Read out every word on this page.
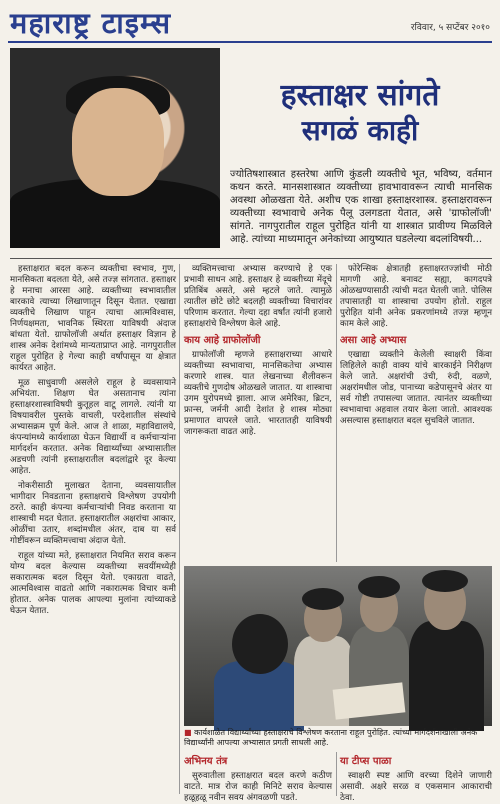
महाराष्ट्र टाइम्स	रविवार, ५ सप्टेंबर २०१०
हस्ताक्षर सांगते
सगळं काही
ज्योतिषशास्त्रात हस्तरेषा आणि कुंडली व्यक्तीचे भूत, भविष्य, वर्तमान कथन करते. मानसशास्त्रात व्यक्तीच्या हावभावावरून त्याची मानसिक अवस्था ओळखता येते. अशीच एक शाखा हस्ताक्षरशास्त्र. हस्ताक्षरावरून व्यक्तीच्या स्वभावाचे अनेक पैलू उलगडता येतात, असे 'ग्राफोलॉजी' सांगते. नागपुरातील राहूल पुरोहित यांनी या शास्त्रात प्रावीण्य मिळविले आहे. त्यांच्या माध्यमातून अनेकांच्या आयुष्यात घडलेल्या बदलांविषयी...

हस्ताक्षरात बदल करून व्यक्तीचा स्वभाव, गुण, मानसिकता बदलता येते, असे तज्ज्ञ सांगतात. हस्ताक्षर हे मनाचा आरसा आहे. व्यक्तीच्या स्वभावातील बारकावे त्याच्या लिखाणातून दिसून येतात. एखाद्या व्यक्तीचे लिखाण पाहून त्याचा आत्मविश्वास, निर्णयक्षमता, भावनिक स्थिरता याविषयी अंदाज बांधता येतो. ग्राफोलॉजी अर्थात हस्ताक्षर विज्ञान हे शास्त्र अनेक देशांमध्ये मान्यताप्राप्त आहे. नागपुरातील राहूल पुरोहित हे गेल्या काही वर्षांपासून या क्षेत्रात कार्यरत आहेत.

मूळ साधुवाणी असलेले राहूल हे व्यवसायाने अभियंता. शिक्षण घेत असतानाच त्यांना हस्ताक्षरशास्त्राविषयी कुतूहल वाटू लागले. त्यांनी या विषयावरील पुस्तके वाचली, परदेशातील संस्थांचे अभ्यासक्रम पूर्ण केले. आज ते शाळा, महाविद्यालये, कंपन्यांमध्ये कार्यशाळा घेऊन विद्यार्थी व कर्मचाऱ्यांना मार्गदर्शन करतात. अनेक विद्यार्थ्यांच्या अभ्यासातील अडचणी त्यांनी हस्ताक्षरातील बदलांद्वारे दूर केल्या आहेत.

नोकरीसाठी मुलाखत देताना, व्यवसायातील भागीदार निवडताना हस्ताक्षराचे विश्लेषण उपयोगी ठरते. काही कंपन्या कर्मचाऱ्यांची निवड करताना या शास्त्राची मदत घेतात. हस्ताक्षरातील अक्षरांचा आकार, ओळींचा उतार, शब्दांमधील अंतर, दाब या सर्व गोष्टींवरून व्यक्तिमत्त्वाचा अंदाज येतो.

राहूल यांच्या मते, हस्ताक्षरात नियमित सराव करून योग्य बदल केल्यास व्यक्तीच्या सवयींमध्येही सकारात्मक बदल दिसून येतो. एकाग्रता वाढते, आत्मविश्वास वाढतो आणि नकारात्मक विचार कमी होतात. अनेक पालक आपल्या मुलांना त्यांच्याकडे घेऊन येतात.

व्यक्तिमत्त्वाचा अभ्यास करण्याचे हे एक प्रभावी साधन आहे. हस्ताक्षर हे व्यक्तीच्या मेंदूचे प्रतिबिंब असते, असे म्हटले जाते. त्यामुळे त्यातील छोटे छोटे बदलही व्यक्तीच्या विचारांवर परिणाम करतात. गेल्या दहा वर्षांत त्यांनी हजारो हस्ताक्षरांचे विश्लेषण केले आहे.

काय आहे ग्राफोलॉजी

ग्राफोलॉजी म्हणजे हस्ताक्षराच्या आधारे व्यक्तीच्या स्वभावाचा, मानसिकतेचा अभ्यास करणारे शास्त्र. यात लेखनाच्या शैलीवरून व्यक्तीचे गुणदोष ओळखले जातात. या शास्त्राचा उगम युरोपमध्ये झाला. आज अमेरिका, ब्रिटन, फ्रान्स, जर्मनी आदी देशांत हे शास्त्र मोठ्या प्रमाणात वापरले जाते. भारतातही याविषयी जागरूकता वाढत आहे.

फोरेन्सिक क्षेत्रातही हस्ताक्षरतज्ज्ञांची मोठी मागणी आहे. बनावट सह्या, कागदपत्रे ओळखण्यासाठी त्यांची मदत घेतली जाते. पोलिस तपासातही या शास्त्राचा उपयोग होतो. राहूल पुरोहित यांनी अनेक प्रकरणांमध्ये तज्ज्ञ म्हणून काम केले आहे.

असा आहे अभ्यास

एखाद्या व्यक्तीने केलेली स्वाक्षरी किंवा लिहिलेले काही वाक्य यांचे बारकाईने निरीक्षण केले जाते. अक्षरांची उंची, रुंदी, वळणे, अक्षरांमधील जोड, पानाच्या कडेपासूनचे अंतर या सर्व गोष्टी तपासल्या जातात. त्यानंतर व्यक्तीच्या स्वभावाचा अहवाल तयार केला जातो. आवश्यक असल्यास हस्ताक्षरात बदल सुचविले जातात.

■ कार्यशाळेत विद्यार्थ्यांच्या हस्ताक्षराचे विश्लेषण करताना राहूल पुरोहित. त्यांच्या मार्गदर्शनाखाली अनेक विद्यार्थ्यांनी आपल्या अभ्यासात प्रगती साधली आहे.
अभिनय तंत्र

सुरुवातीला हस्ताक्षरात बदल करणे कठीण वाटते. मात्र रोज काही मिनिटे सराव केल्यास हळूहळू नवीन सवय अंगवळणी पडते.

या टीप्स पाळा

स्वाक्षरी स्पष्ट आणि वरच्या दिशेने जाणारी असावी. अक्षरे सरळ व एकसमान आकाराची ठेवा.
